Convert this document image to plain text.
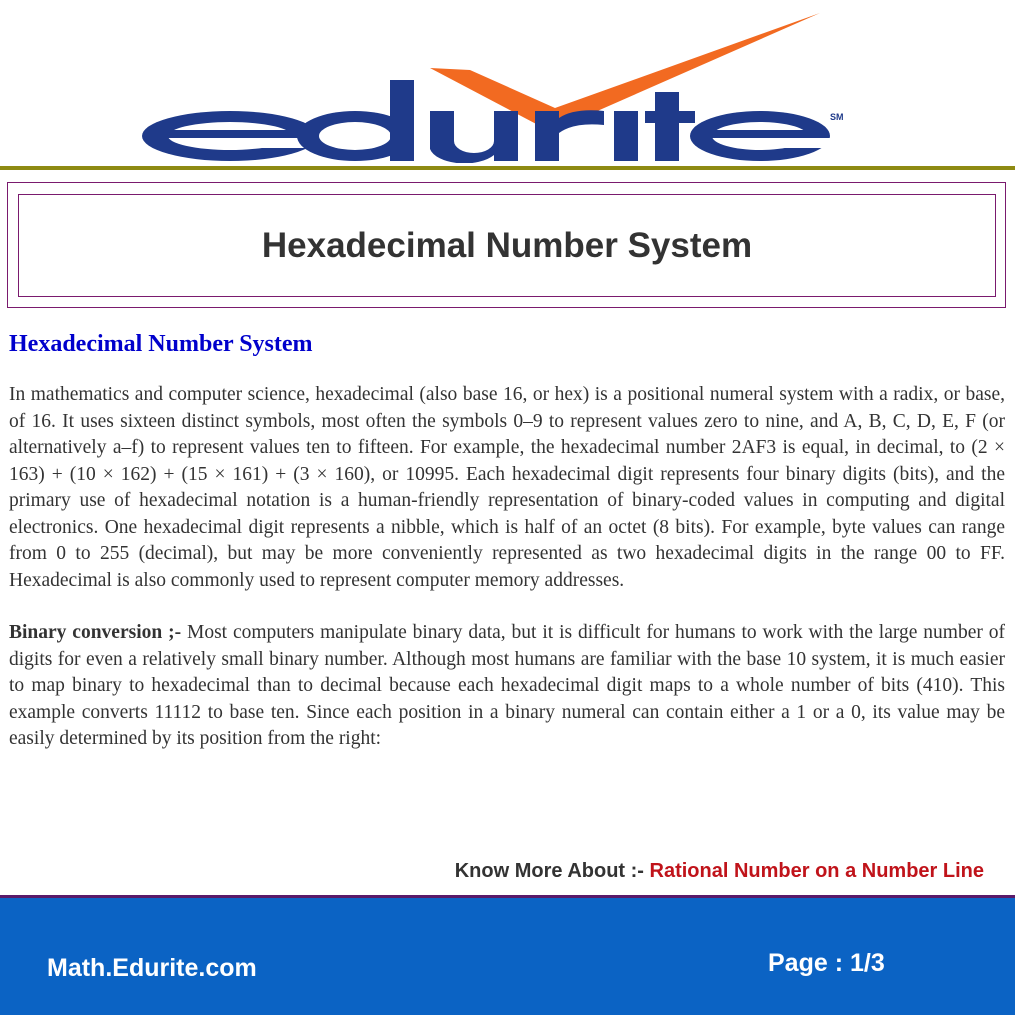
SM
Hexadecimal Number System
Hexadecimal Number System

In mathematics and computer science, hexadecimal (also base 16, or hex) is a positional numeral system with a radix, or base, of 16. It uses sixteen distinct symbols, most often the symbols 0–9 to represent values zero to nine, and A, B, C, D, E, F (or alternatively a–f) to represent values ten to fifteen. For example, the hexadecimal number 2AF3 is equal, in decimal, to (2 × 163) + (10 × 162) + (15 × 161) + (3 × 160), or 10995. Each hexadecimal digit represents four binary digits (bits), and the primary use of hexadecimal notation is a human-friendly representation of binary-coded values in computing and digital electronics. One hexadecimal digit represents a nibble, which is half of an octet (8 bits). For example, byte values can range from 0 to 255 (decimal), but may be more conveniently represented as two hexadecimal digits in the range 00 to FF. Hexadecimal is also commonly used to represent computer memory addresses.

Binary conversion ;- Most computers manipulate binary data, but it is difficult for humans to work with the large number of digits for even a relatively small binary number. Although most humans are familiar with the base 10 system, it is much easier to map binary to hexadecimal than to decimal because each hexadecimal digit maps to a whole number of bits (410). This example converts 11112 to base ten. Since each position in a binary numeral can contain either a 1 or a 0, its value may be easily determined by its position from the right:

Know More About :- Rational Number on a Number Line
Math.Edurite.com	Page : 1/3
